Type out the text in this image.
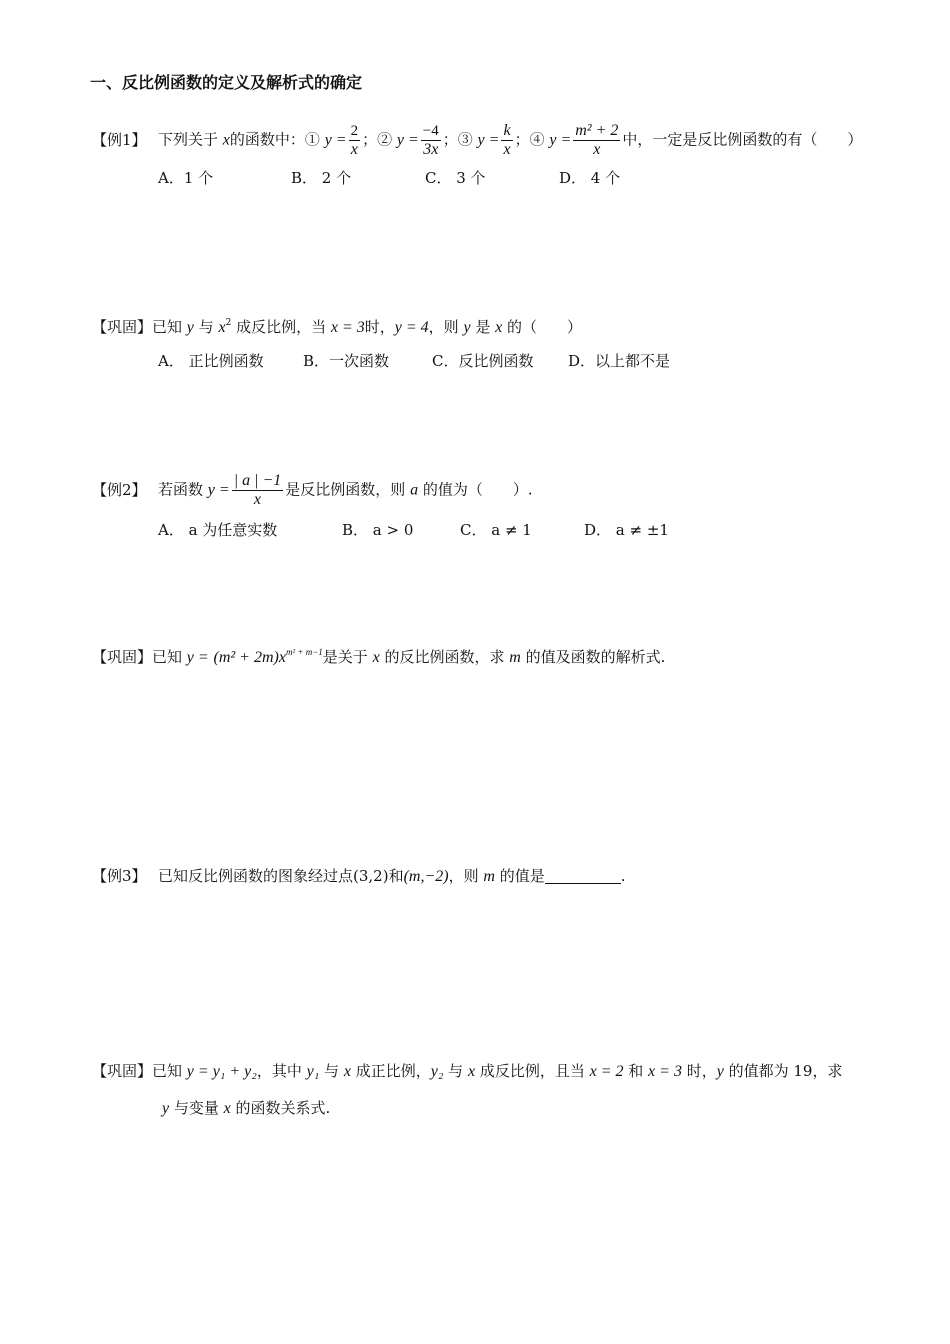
一、反比例函数的定义及解析式的确定
【例1】 下列关于 x的函数中：① $y = \frac{2}{x}$ ；② $y = \frac{-4}{3x}$ ；③ $y = \frac{k}{x}$ ；④ $y = \frac{\text{m² + 2}}{x}$ 中，一定是反比例函数的有（　　）
A．1 个	B． 2 个	C． 3 个	D． 4 个
【巩固】已知 y 与 $x^2$ 成反比例，当 x = 3时，y = 4，则 y 是 x 的（　　）
A． 正比例函数	B．一次函数	C．反比例函数 D．以上都不是
【例2】 若函数 $y = \frac{| a | -1}{x}$ 是反比例函数，则 a 的值为（　　）.
A． a 为任意实数	B． a > 0	C． a ≠ 1	D． a ≠ ±1
【巩固】已知 $y = (m^2 + 2m)x^{m^2 + m-1}$是关于 x 的反比例函数，求 m 的值及函数的解析式.
【例3】 已知反比例函数的图象经过点(3,2)和(m,−2)，则 m 的值是	.
【巩固】已知 y = y₁ + y₂，其中 y₁ 与 x 成正比例，y₂ 与 x 成反比例，且当 x = 2 和 x = 3 时，y 的值都为 19，求
y 与变量 x 的函数关系式.
